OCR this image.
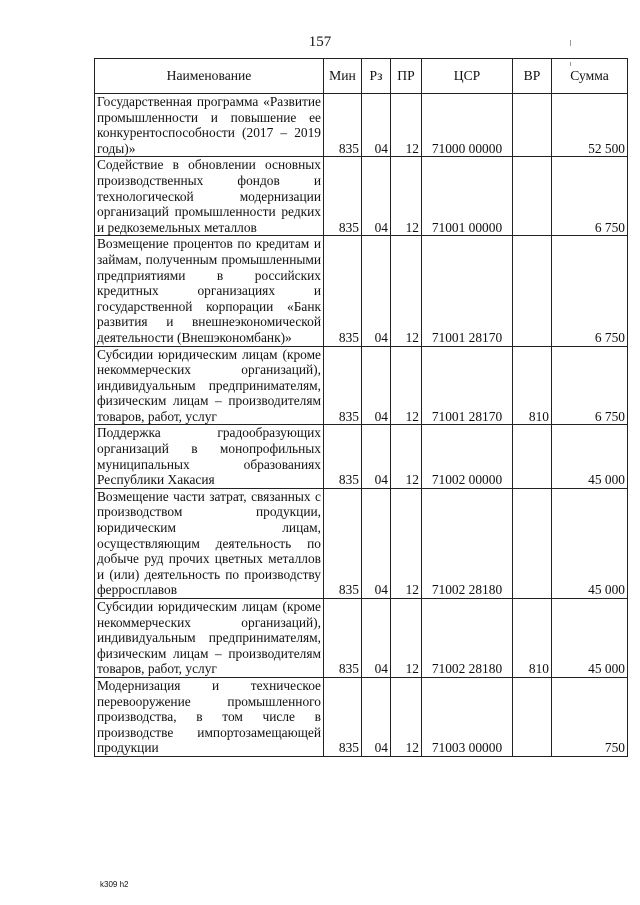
157
Наименование	Мин	Рз	ПР	ЦСР	ВР	Сумма
Государственная программа «Развитие промышленности и повышение ее конкурентоспособности (2017 – 2019 годы)»	835	04	12	71000 00000		52 500
Содействие в обновлении основных производственных фондов и технологической модернизации организаций промышленности редких и редкоземельных металлов	835	04	12	71001 00000		6 750
Возмещение процентов по кредитам и займам, полученным промышленными предприятиями в российских кредитных организациях и государственной корпорации «Банк развития и внешнеэкономической деятельности (Внешэкономбанк)»	835	04	12	71001 28170		6 750
Субсидии юридическим лицам (кроме некоммерческих организаций), индивидуальным предпринимателям, физическим лицам – производителям товаров, работ, услуг	835	04	12	71001 28170	810	6 750
Поддержка градообразующих организаций в монопрофильных муниципальных образованиях Республики Хакасия	835	04	12	71002 00000		45 000
Возмещение части затрат, связанных с производством продукции, юридическим лицам, осуществляющим деятельность по добыче руд прочих цветных металлов и (или) деятельность по производству ферросплавов	835	04	12	71002 28180		45 000
Субсидии юридическим лицам (кроме некоммерческих организаций), индивидуальным предпринимателям, физическим лицам – производителям товаров, работ, услуг	835	04	12	71002 28180	810	45 000
Модернизация и техническое перевооружение промышленного производства, в том числе в производстве импортозамещающей продукции	835	04	12	71003 00000		750
k309 h2
